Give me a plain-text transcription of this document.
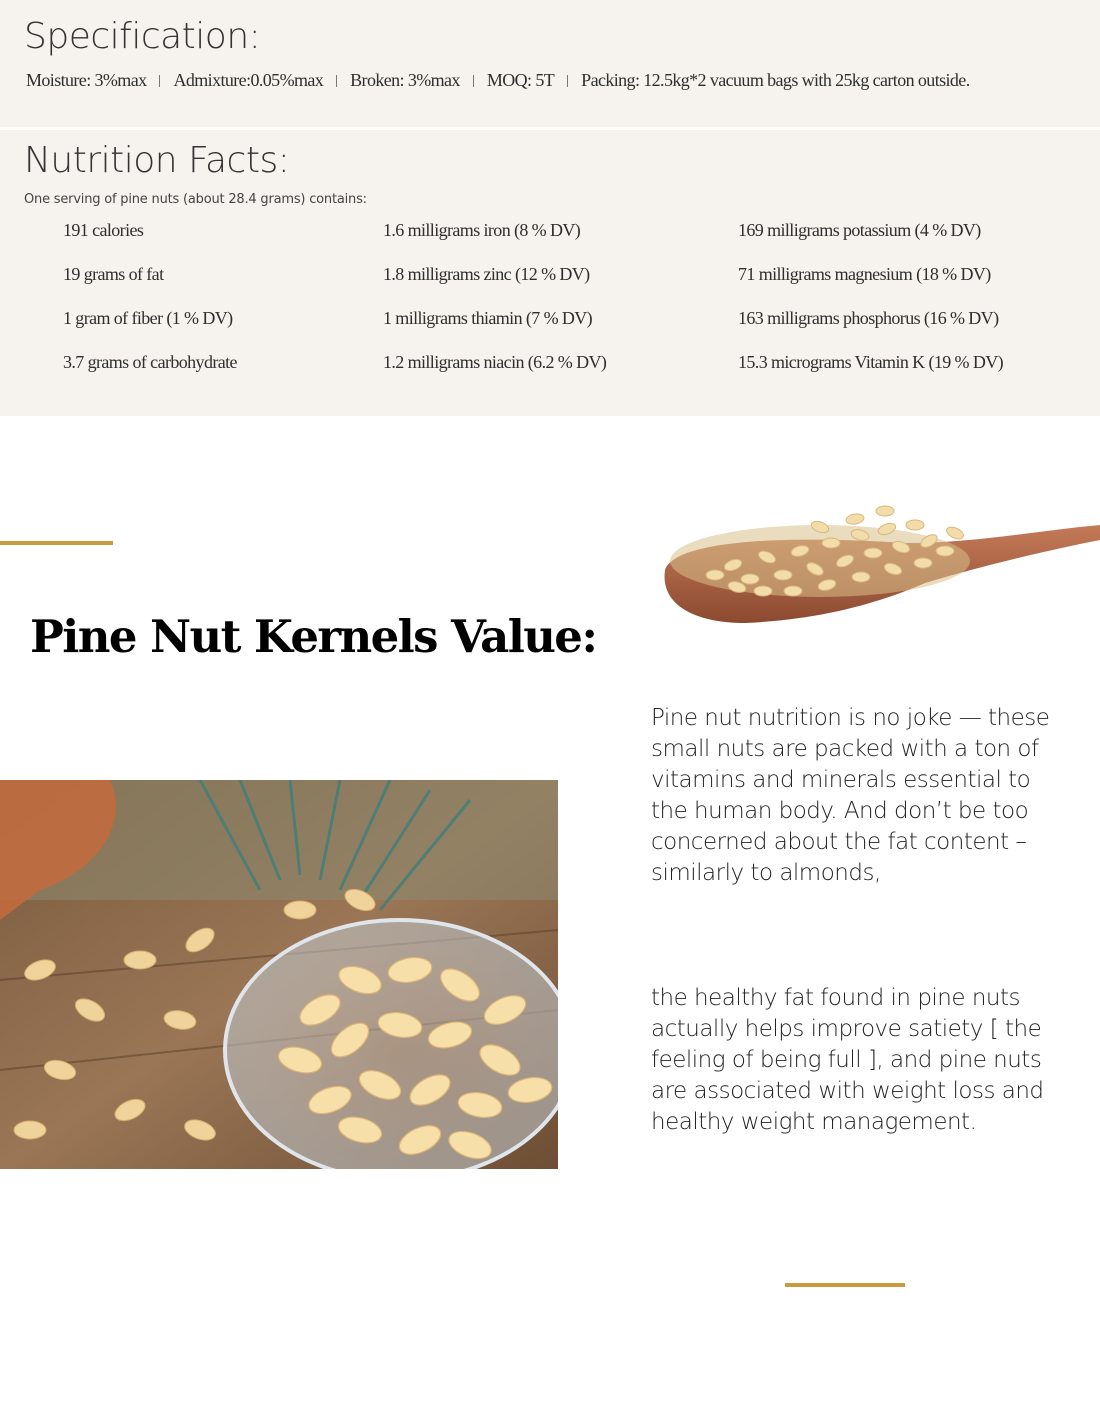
Specification:
Moisture: 3%max Admixture:0.05%max Broken: 3%max MOQ: 5T Packing: 12.5kg*2 vacuum bags with 25kg carton outside.
Nutrition Facts:

One serving of pine nuts (about 28.4 grams) contains:

191 calories

19 grams of fat

1 gram of fiber (1 % DV)

3.7 grams of carbohydrate

1.6 milligrams iron (8 % DV)

1.8 milligrams zinc (12 % DV)

1 milligrams thiamin (7 % DV)

1.2 milligrams niacin (6.2 % DV)

169 milligrams potassium (4 % DV)

71 milligrams magnesium (18 % DV)

163 milligrams phosphorus (16 % DV)

15.3 micrograms Vitamin K (19 % DV)

Pine Nut Kernels Value:

Pine nut nutrition is no joke — these small nuts are packed with a ton of vitamins and minerals essential to the human body. And don’t be too concerned about the fat content – similarly to almonds,

the healthy fat found in pine nuts actually helps improve satiety [ the feeling of being full ], and pine nuts are associated with weight loss and healthy weight management.
